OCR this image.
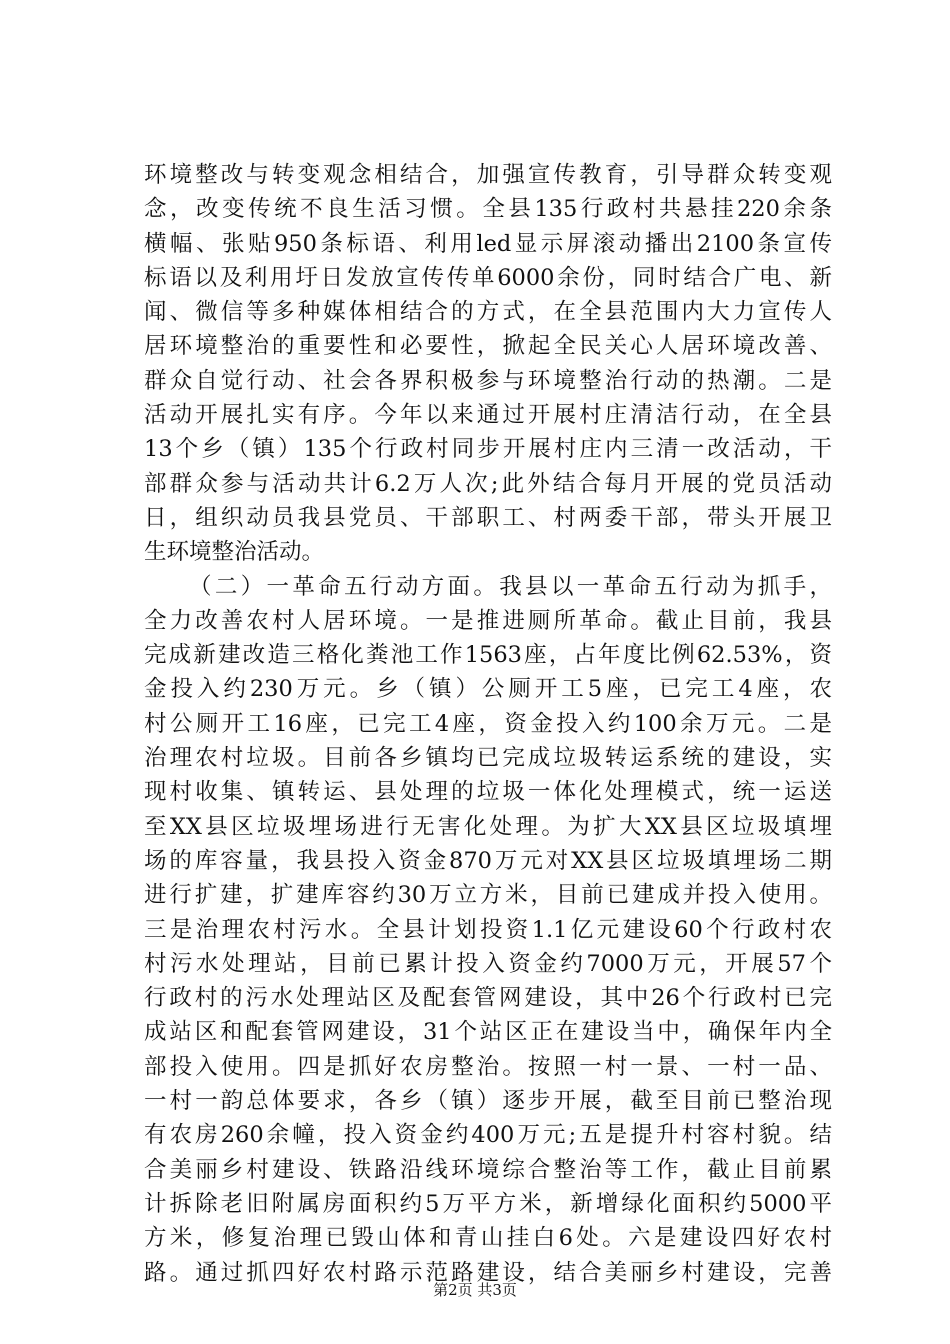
环境整改与转变观念相结合，加强宣传教育，引导群众转变观
念，改变传统不良生活习惯。全县135行政村共悬挂220余条
横幅、张贴950条标语、利用led显示屏滚动播出2100条宣传
标语以及利用圩日发放宣传传单6000余份，同时结合广电、新
闻、微信等多种媒体相结合的方式，在全县范围内大力宣传人
居环境整治的重要性和必要性，掀起全民关心人居环境改善、
群众自觉行动、社会各界积极参与环境整治行动的热潮。二是
活动开展扎实有序。今年以来通过开展村庄清洁行动，在全县
13个乡（镇）135个行政村同步开展村庄内三清一改活动，干
部群众参与活动共计6.2万人次;此外结合每月开展的党员活动
日，组织动员我县党员、干部职工、村两委干部，带头开展卫
生环境整治活动。
（二）一革命五行动方面。我县以一革命五行动为抓手，
全力改善农村人居环境。一是推进厕所革命。截止目前，我县
完成新建改造三格化粪池工作1563座，占年度比例62.53%，资
金投入约230万元。乡（镇）公厕开工5座，已完工4座，农
村公厕开工16座，已完工4座，资金投入约100余万元。二是
治理农村垃圾。目前各乡镇均已完成垃圾转运系统的建设，实
现村收集、镇转运、县处理的垃圾一体化处理模式，统一运送
至XX县区垃圾埋场进行无害化处理。为扩大XX县区垃圾填埋
场的库容量，我县投入资金870万元对XX县区垃圾填埋场二期
进行扩建，扩建库容约30万立方米，目前已建成并投入使用。
三是治理农村污水。全县计划投资1.1亿元建设60个行政村农
村污水处理站，目前已累计投入资金约7000万元，开展57个
行政村的污水处理站区及配套管网建设，其中26个行政村已完
成站区和配套管网建设，31个站区正在建设当中，确保年内全
部投入使用。四是抓好农房整治。按照一村一景、一村一品、
一村一韵总体要求，各乡（镇）逐步开展，截至目前已整治现
有农房260余幢，投入资金约400万元;五是提升村容村貌。结
合美丽乡村建设、铁路沿线环境综合整治等工作，截止目前累
计拆除老旧附属房面积约5万平方米，新增绿化面积约5000平
方米，修复治理已毁山体和青山挂白6处。六是建设四好农村
路。通过抓四好农村路示范路建设，结合美丽乡村建设，完善
第2页 共3页
